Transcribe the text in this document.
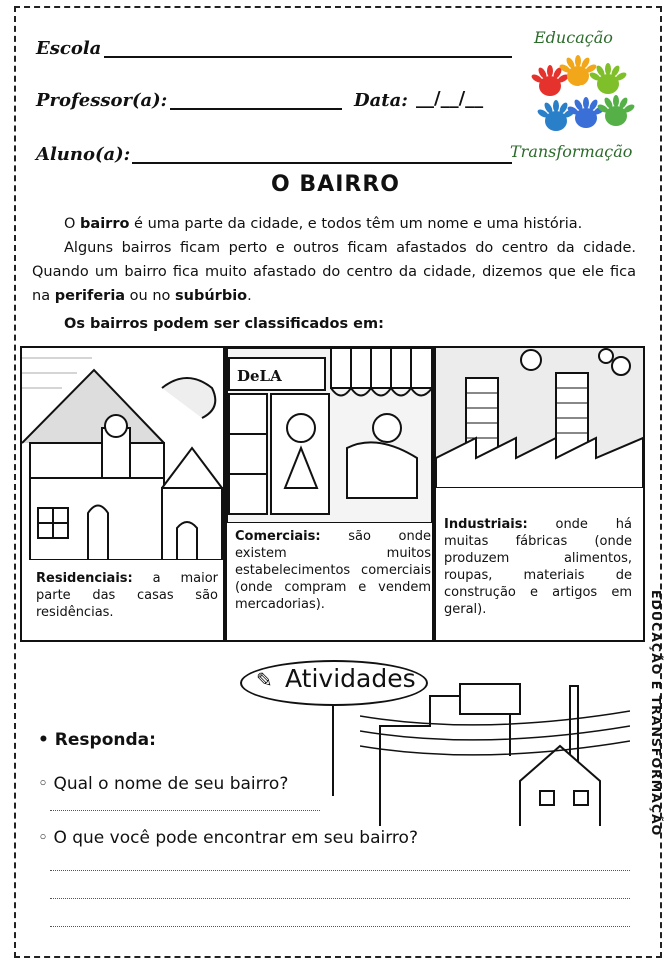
Escola
Professor(a):	Data: __/__/__
Aluno(a):
Educação
e
Transformação
O BAIRRO
O bairro é uma parte da cidade, e todos têm um nome e uma história.
Alguns bairros ficam perto e outros ficam afastados do centro da cidade. Quando um bairro fica muito afastado do centro da cidade, dizemos que ele fica na periferia ou no subúrbio.
Os bairros podem ser classificados em:
Residenciais: a maior parte das casas são residências.
DeLA
Comerciais: são onde existem muitos estabelecimentos comerciais (onde compram e vendem mercadorias).
Industriais: onde há muitas fábricas (onde produzem alimentos, roupas, materiais de construção e artigos em geral).
✎ Atividades
• Responda:
◦ Qual o nome de seu bairro?
◦ O que você pode encontrar em seu bairro?
EDUCAÇÃO E TRANSFORMAÇÃO
